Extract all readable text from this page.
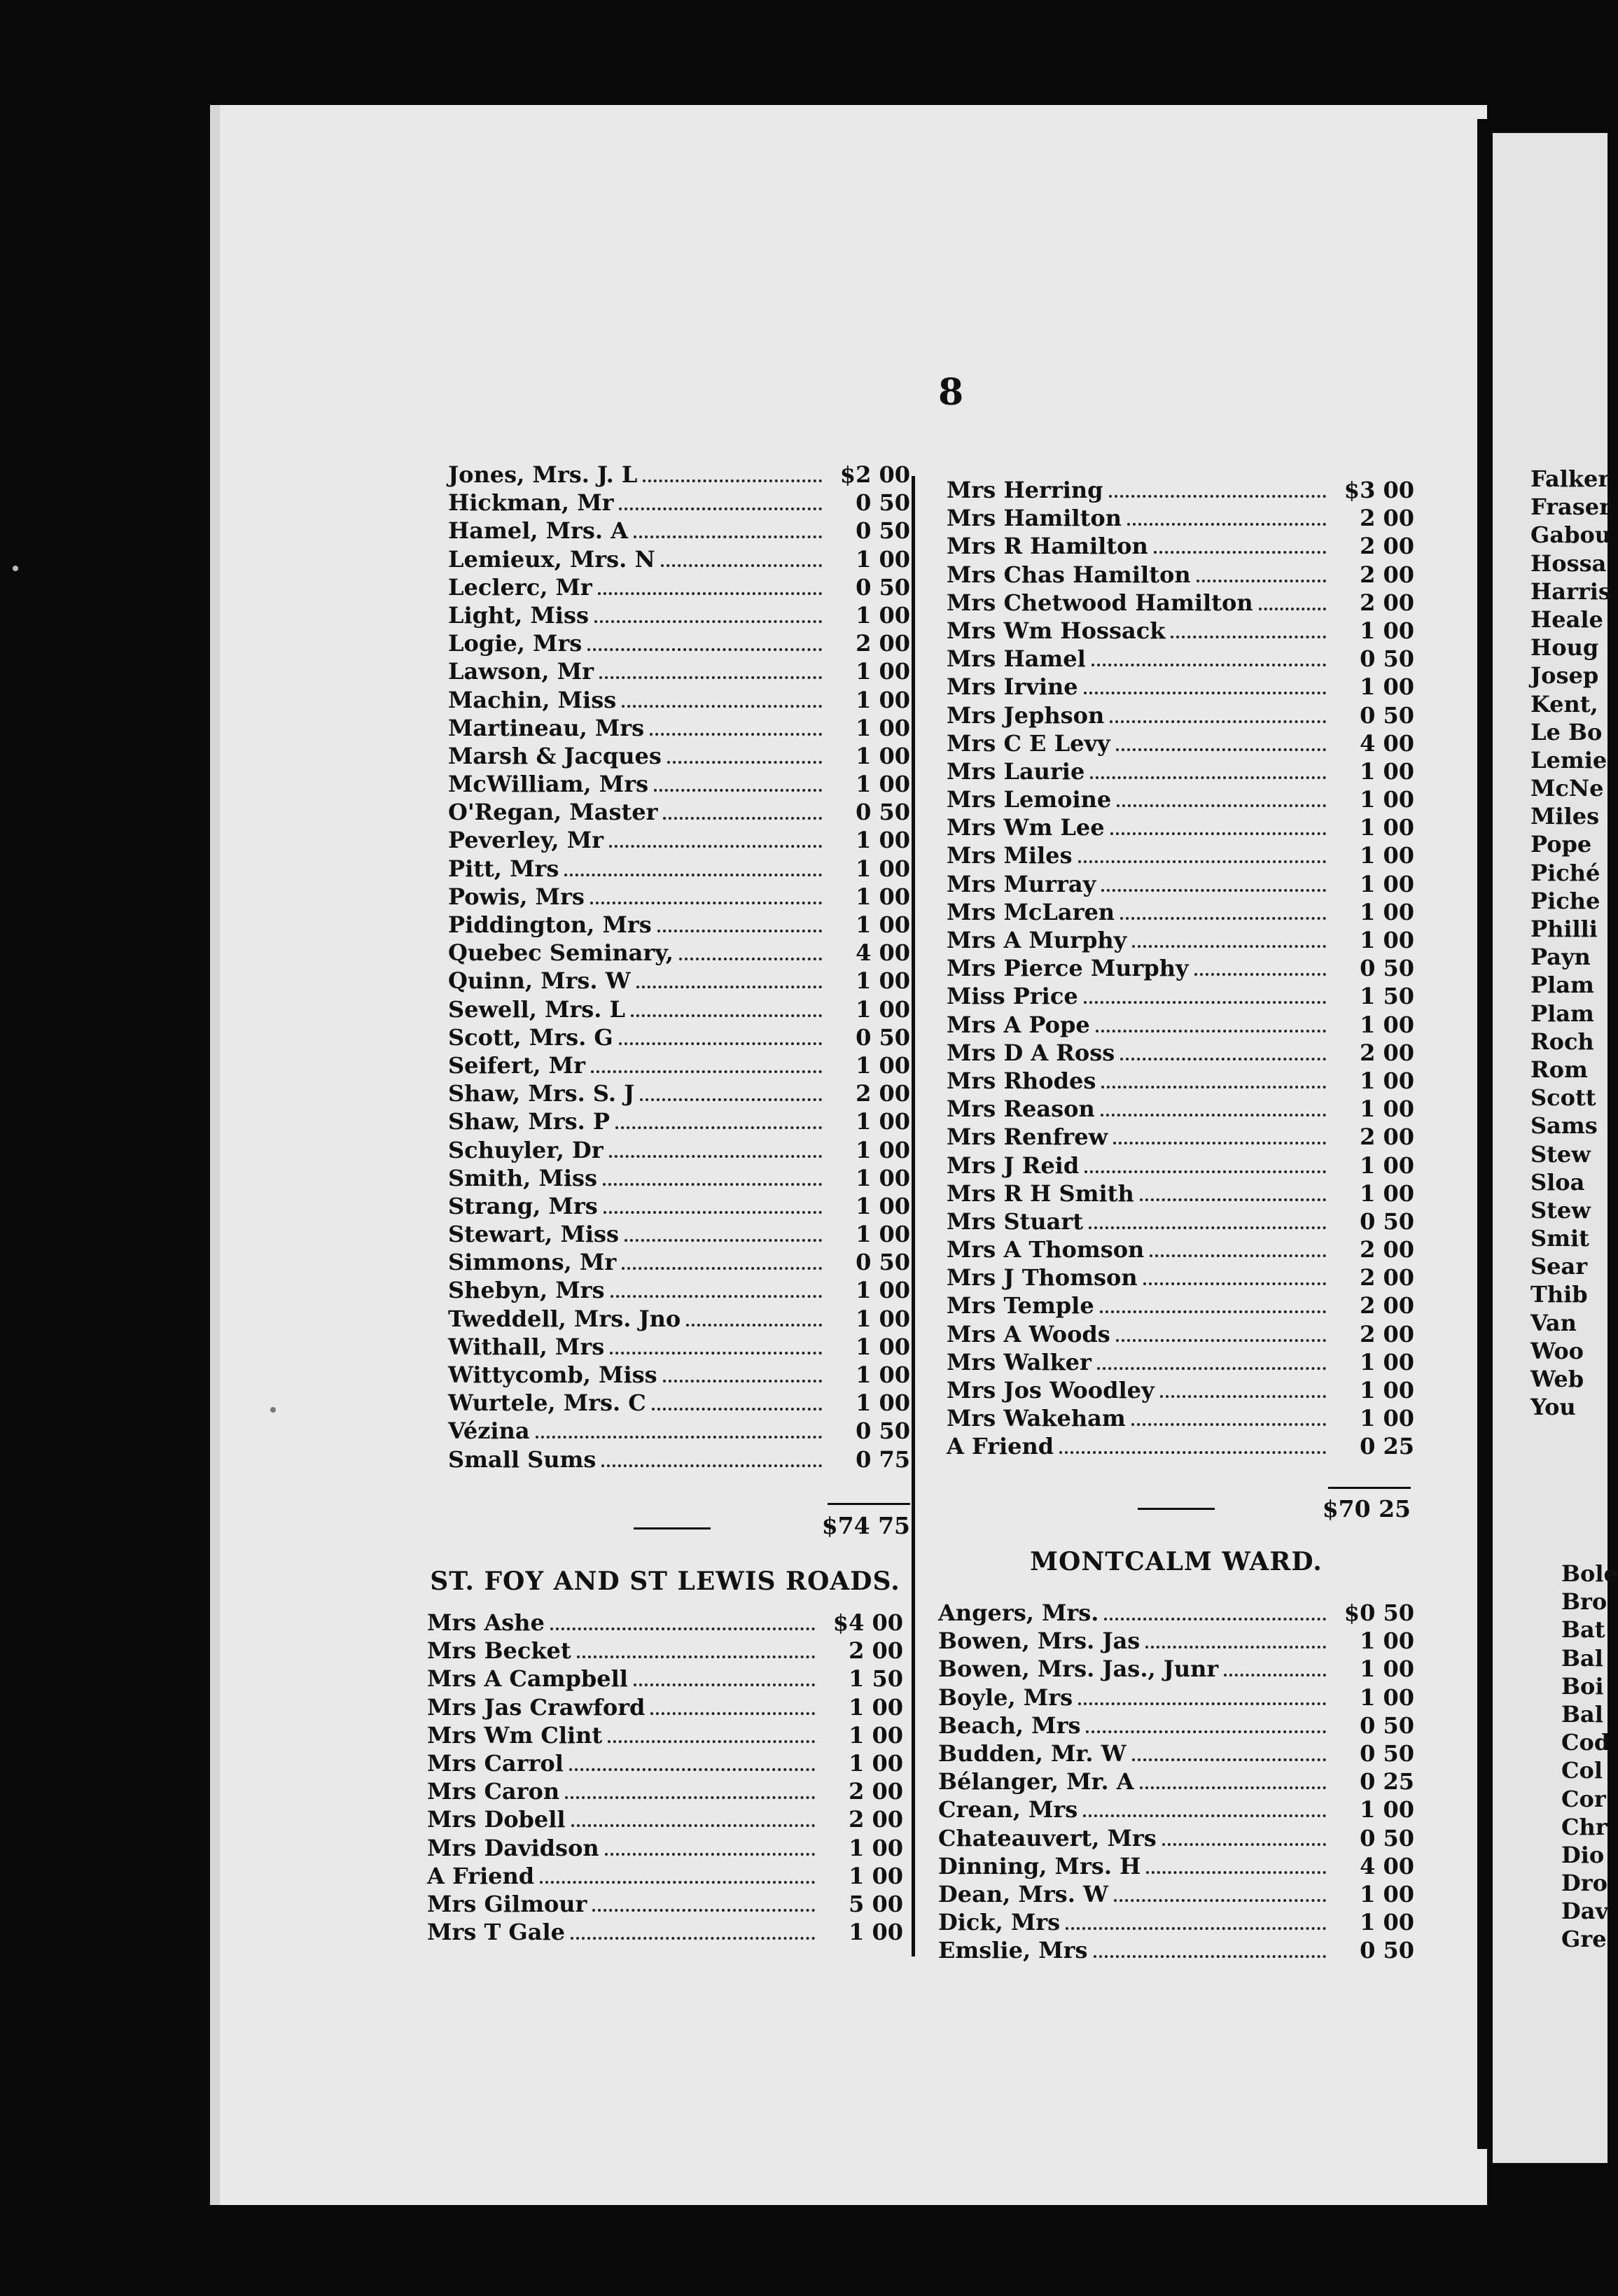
8
Jones, Mrs. J. L	$2 00
Hickman, Mr	0 50
Hamel, Mrs. A	0 50
Lemieux, Mrs. N	1 00
Leclerc, Mr	0 50
Light, Miss	1 00
Logie, Mrs	2 00
Lawson, Mr	1 00
Machin, Miss	1 00
Martineau, Mrs	1 00
Marsh & Jacques	1 00
McWilliam, Mrs	1 00
O'Regan, Master	0 50
Peverley, Mr	1 00
Pitt, Mrs	1 00
Powis, Mrs	1 00
Piddington, Mrs	1 00
Quebec Seminary,	4 00
Quinn, Mrs. W	1 00
Sewell, Mrs. L	1 00
Scott, Mrs. G	0 50
Seifert, Mr	1 00
Shaw, Mrs. S. J	2 00
Shaw, Mrs. P	1 00
Schuyler, Dr	1 00
Smith, Miss	1 00
Strang, Mrs	1 00
Stewart, Miss	1 00
Simmons, Mr	0 50
Shebyn, Mrs	1 00
Tweddell, Mrs. Jno	1 00
Withall, Mrs	1 00
Wittycomb, Miss	1 00
Wurtele, Mrs. C	1 00
Vézina	0 50
Small Sums	0 75
$74 75
ST. FOY AND ST LEWIS ROADS.
Mrs Ashe	$4 00
Mrs Becket	2 00
Mrs A Campbell	1 50
Mrs Jas Crawford	1 00
Mrs Wm Clint	1 00
Mrs Carrol	1 00
Mrs Caron	2 00
Mrs Dobell	2 00
Mrs Davidson	1 00
A Friend	1 00
Mrs Gilmour	5 00
Mrs T Gale	1 00
Mrs Herring	$3 00
Mrs Hamilton	2 00
Mrs R Hamilton	2 00
Mrs Chas Hamilton	2 00
Mrs Chetwood Hamilton	2 00
Mrs Wm Hossack	1 00
Mrs Hamel	0 50
Mrs Irvine	1 00
Mrs Jephson	0 50
Mrs C E Levy	4 00
Mrs Laurie	1 00
Mrs Lemoine	1 00
Mrs Wm Lee	1 00
Mrs Miles	1 00
Mrs Murray	1 00
Mrs McLaren	1 00
Mrs A Murphy	1 00
Mrs Pierce Murphy	0 50
Miss Price	1 50
Mrs A Pope	1 00
Mrs D A Ross	2 00
Mrs Rhodes	1 00
Mrs Reason	1 00
Mrs Renfrew	2 00
Mrs J Reid	1 00
Mrs R H Smith	1 00
Mrs Stuart	0 50
Mrs A Thomson	2 00
Mrs J Thomson	2 00
Mrs Temple	2 00
Mrs A Woods	2 00
Mrs Walker	1 00
Mrs Jos Woodley	1 00
Mrs Wakeham	1 00
A Friend	0 25
$70 25
MONTCALM WARD.
Angers, Mrs.	$0 50
Bowen, Mrs. Jas	1 00
Bowen, Mrs. Jas., Junr	1 00
Boyle, Mrs	1 00
Beach, Mrs	0 50
Budden, Mr. W	0 50
Bélanger, Mr. A	0 25
Crean, Mrs	1 00
Chateauvert, Mrs	0 50
Dinning, Mrs. H	4 00
Dean, Mrs. W	1 00
Dick, Mrs	1 00
Emslie, Mrs	0 50
Falker
Fraser
Gabou
Hossa
Harris
Heale
Houg
Josep
Kent,
Le Bo
Lemie
McNe
Miles
Pope
Piché
Piche
Philli
Payn
Plam
Plam
Roch
Rom
Scott
Sams
Stew
Sloa
Stew
Smit
Sear
Thib
Van
Woo
Web
You
Bole
Bro
Bat
Bal
Boi
Bal
Cod
Col
Cor
Chr
Dio
Dro
Dav
Gre
